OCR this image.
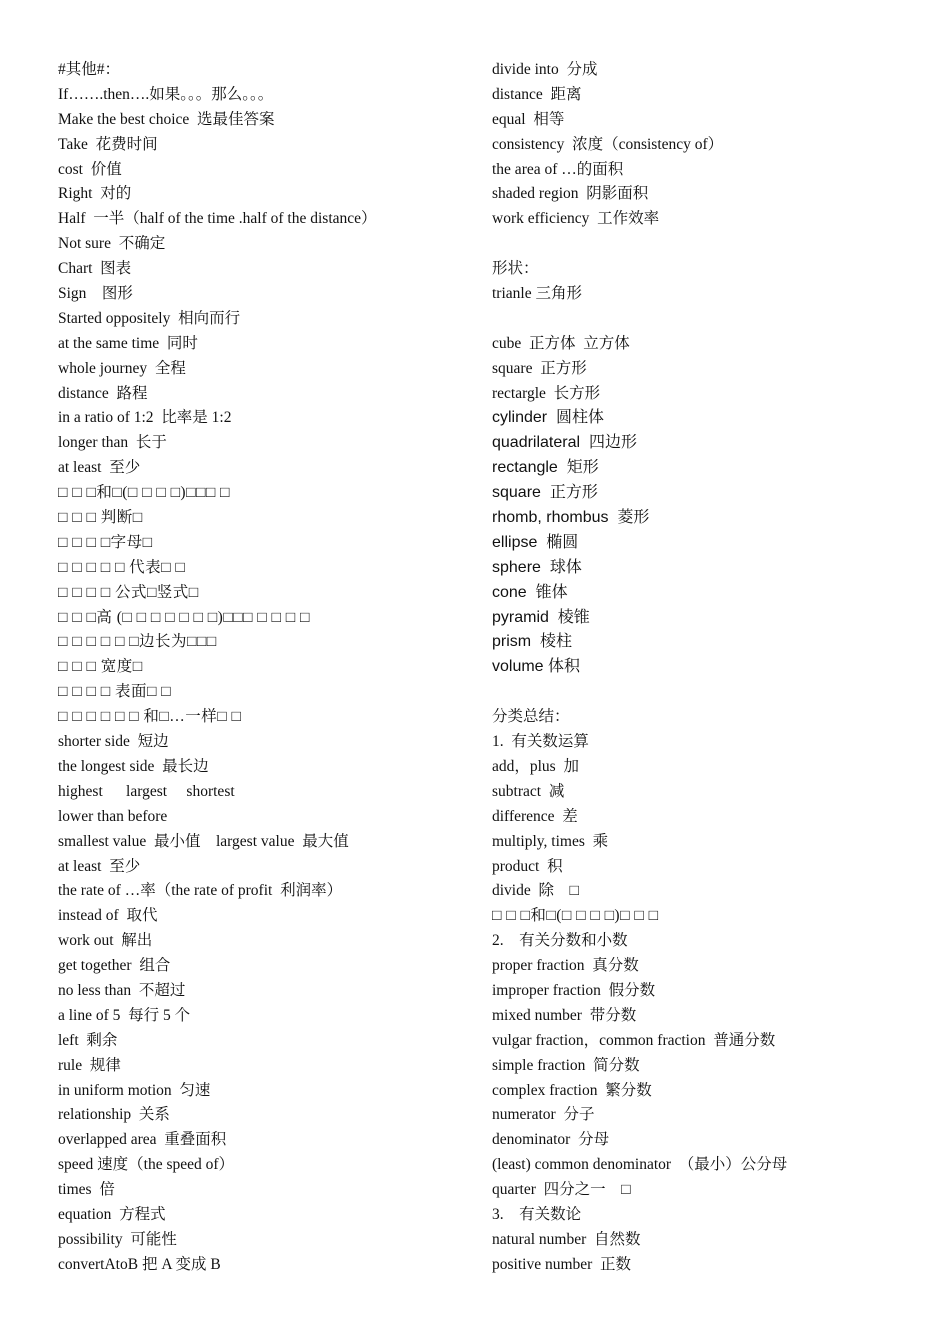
#其他#：
If…….then….如果。。。那么。。。
Make the best choice  选最佳答案
Take  花费时间
cost  价值
Right  对的
Half  一半（half of the time .half of the distance）
Not sure  不确定
Chart  图表
Sign    图形
Started oppositely  相向而行
at the same time  同时
whole journey  全程
distance  路程
in a ratio of 1:2  比率是 1:2
longer than  长于
at least  至少
□ □ □和□(□ □ □ □)□□□ □
□ □ □ 判断□
□ □ □ □字母□
□ □ □ □ □ 代表□ □
□ □ □ □ 公式□竖式□
□ □ □高 (□ □ □ □ □ □ □)□□□ □ □ □ □
□ □ □ □ □ □边长为□□□
□ □ □ 宽度□
□ □ □ □ 表面□ □
□ □ □ □ □ □ 和□…一样□ □
shorter side  短边
the longest side  最长边
highest      largest     shortest
lower than before
smallest value  最小值    largest value  最大值
at least  至少
the rate of …率（the rate of profit  利润率）
instead of  取代
work out  解出
get together  组合
no less than  不超过
a line of 5  每行 5 个
left  剩余
rule  规律
in uniform motion  匀速
relationship  关系
overlapped area  重叠面积
speed 速度（the speed of）
times  倍
equation  方程式
possibility  可能性
convertAtoB 把 A 变成 B
divide into  分成
distance  距离
equal  相等
consistency  浓度（consistency of）
the area of …的面积
shaded region  阴影面积
work efficiency  工作效率
形状：
trianle 三角形
cube  正方体  立方体
square  正方形
rectargle  长方形
cylinder  圆柱体
quadrilateral  四边形
rectangle  矩形
square  正方形
rhomb, rhombus  菱形
ellipse  椭圆
sphere  球体
cone  锥体
pyramid  棱锥
prism  棱柱
volume 体积
分类总结：
1.  有关数运算
add，plus  加
subtract  减
difference  差
multiply, times  乘
product  积
divide  除    □
□ □ □和□(□ □ □ □)□ □ □
2.    有关分数和小数
proper fraction  真分数
improper fraction  假分数
mixed number  带分数
vulgar fraction，common fraction  普通分数
simple fraction  简分数
complex fraction  繁分数
numerator  分子
denominator  分母
(least) common denominator  （最小）公分母
quarter  四分之一    □
3.    有关数论
natural number  自然数
positive number  正数
